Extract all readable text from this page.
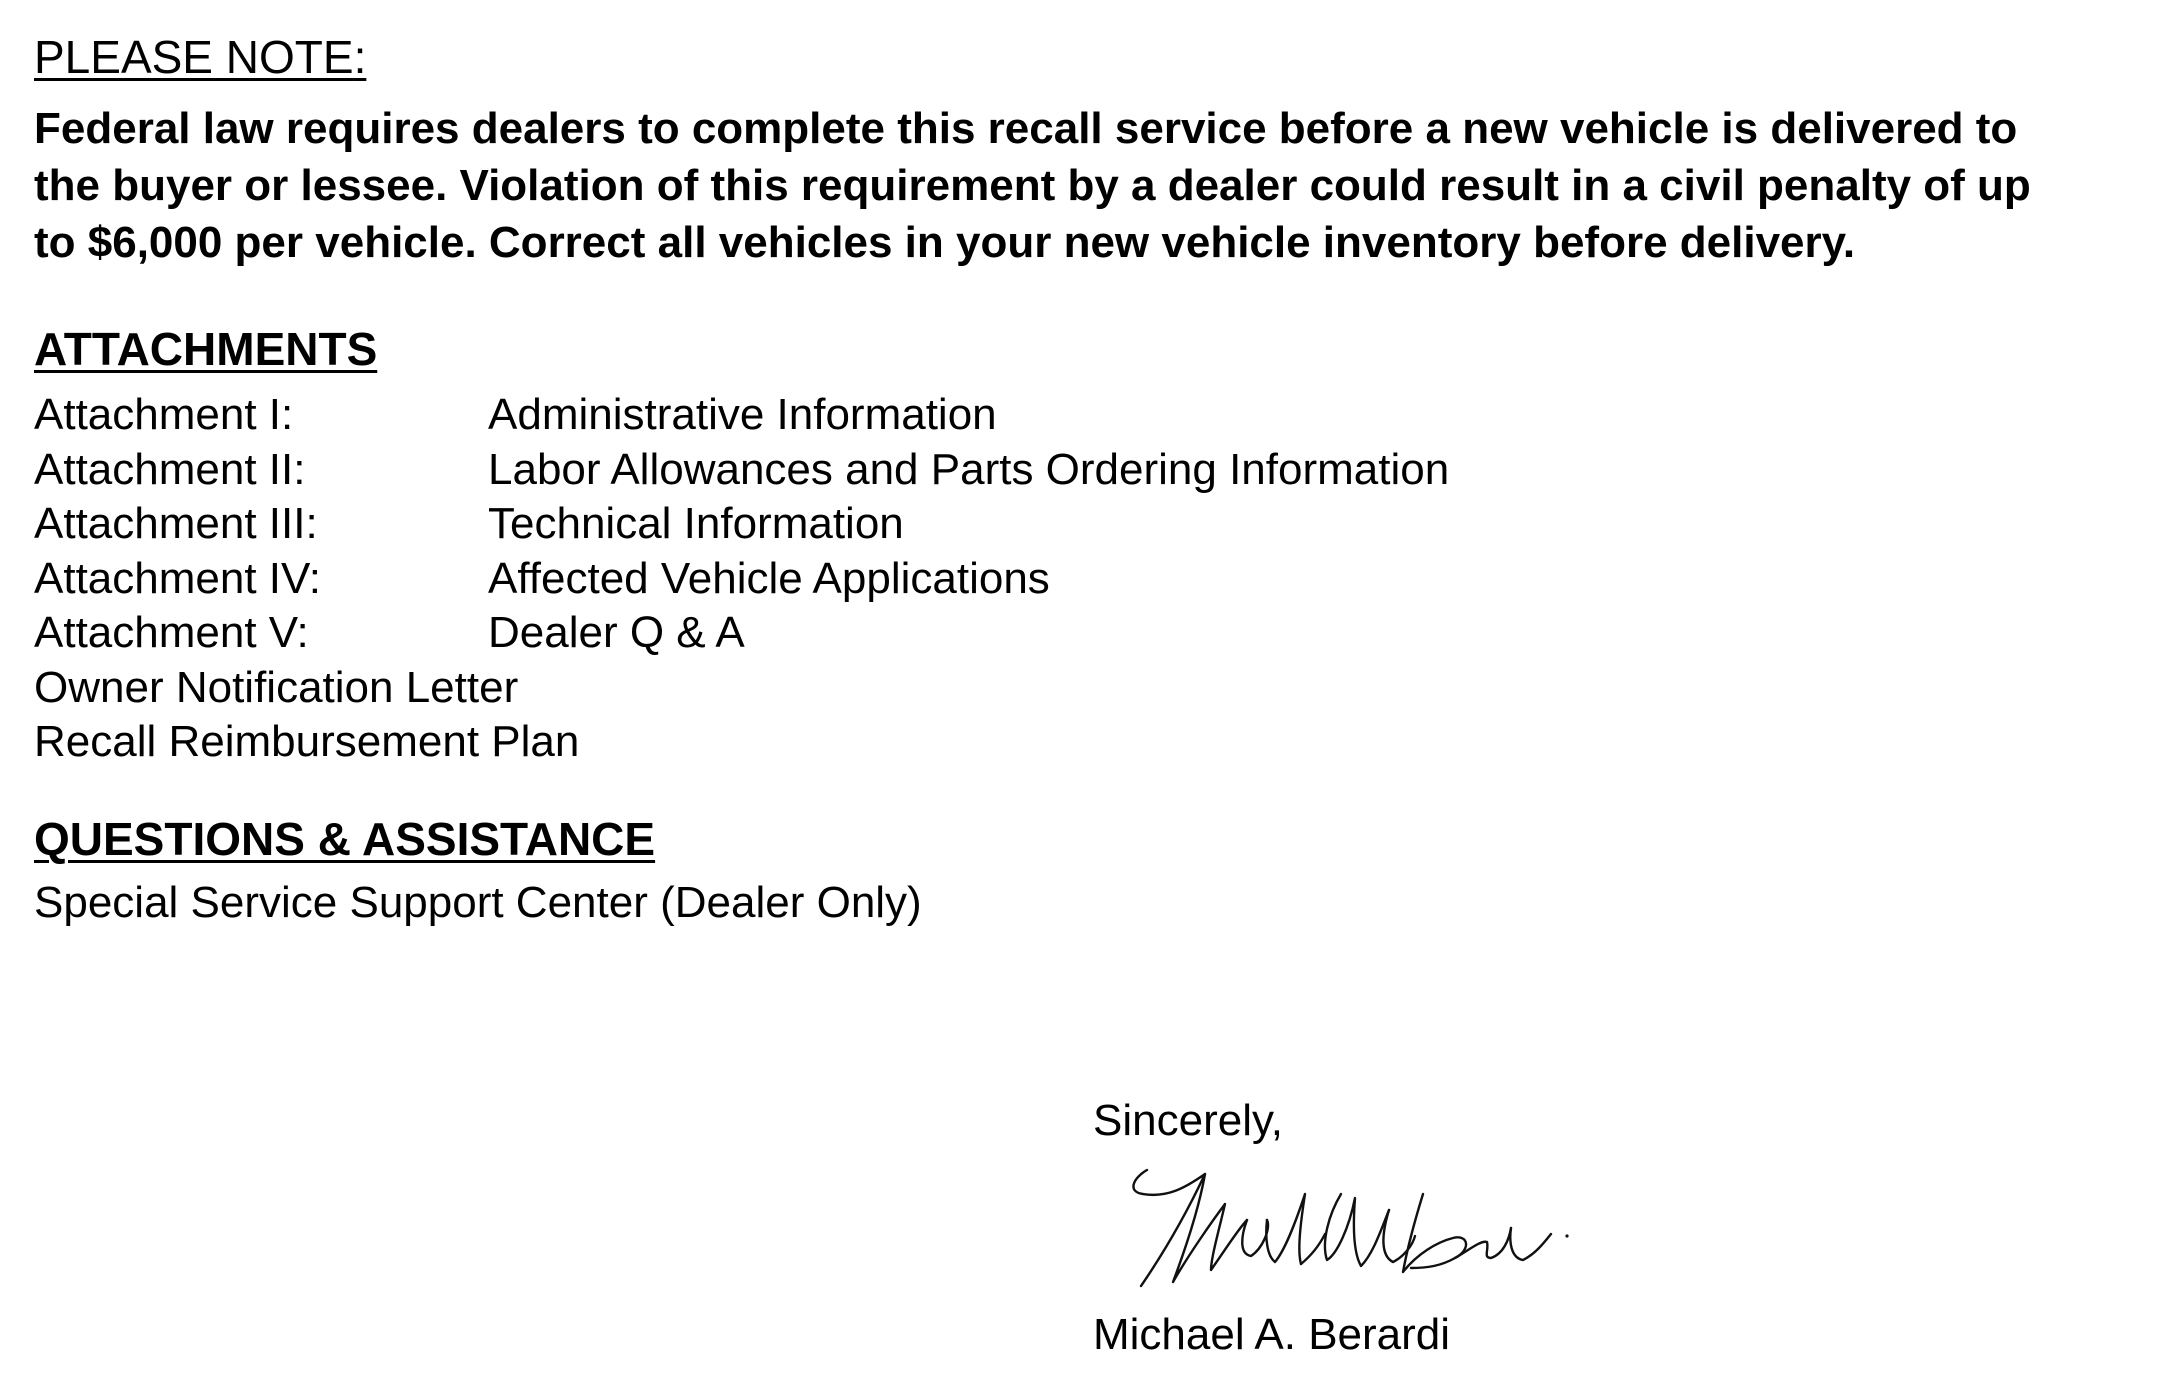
PLEASE NOTE:
Federal law requires dealers to complete this recall service before a new vehicle is delivered to
the buyer or lessee. Violation of this requirement by a dealer could result in a civil penalty of up
to $6,000 per vehicle. Correct all vehicles in your new vehicle inventory before delivery.
ATTACHMENTS
Attachment I:	Administrative Information
Attachment II:	Labor Allowances and Parts Ordering Information
Attachment III:	Technical Information
Attachment IV:	Affected Vehicle Applications
Attachment V:	Dealer Q & A
Owner Notification Letter
Recall Reimbursement Plan
QUESTIONS & ASSISTANCE
Special Service Support Center (Dealer Only)
Sincerely,
Michael A. Berardi
